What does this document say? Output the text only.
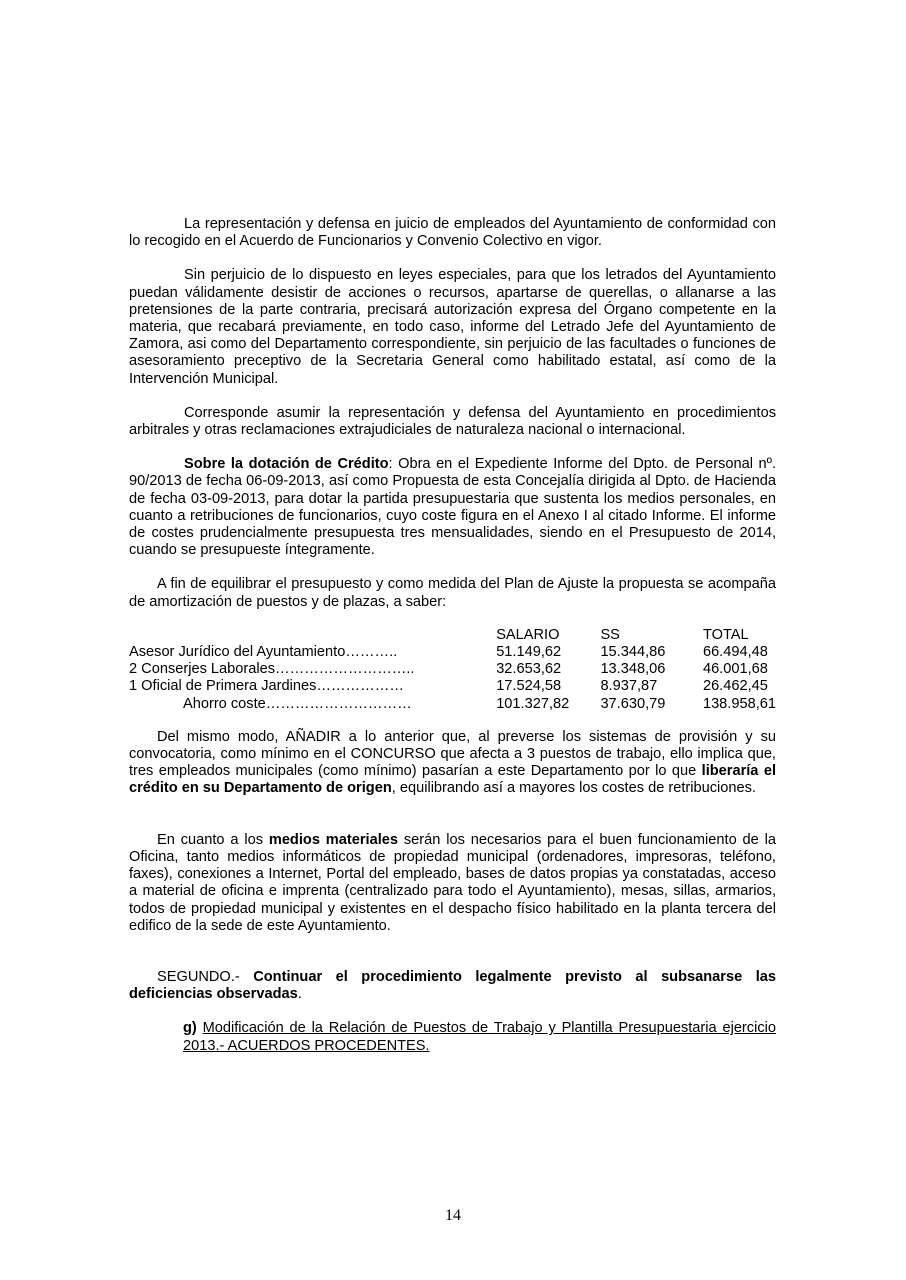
La representación y defensa en juicio de empleados del Ayuntamiento de conformidad con lo recogido en el Acuerdo de Funcionarios y Convenio Colectivo en vigor.

Sin perjuicio de lo dispuesto en leyes especiales, para que los letrados del Ayuntamiento puedan válidamente desistir de acciones o recursos, apartarse de querellas, o allanarse a las pretensiones de la parte contraria, precisará autorización expresa del Órgano competente en la materia, que recabará previamente, en todo caso, informe del Letrado Jefe del Ayuntamiento de Zamora, asi como del Departamento correspondiente, sin perjuicio de las facultades o funciones de asesoramiento preceptivo de la Secretaria General como habilitado estatal, así como de la Intervención Municipal.

Corresponde asumir la representación y defensa del Ayuntamiento en procedimientos arbitrales y otras reclamaciones extrajudiciales de naturaleza nacional o internacional.

Sobre la dotación de Crédito: Obra en el Expediente Informe del Dpto. de Personal nº. 90/2013 de fecha 06-09-2013, así como Propuesta de esta Concejalía dirigida al Dpto. de Hacienda de fecha 03-09-2013, para dotar la partida presupuestaria que sustenta los medios personales, en cuanto a retribuciones de funcionarios, cuyo coste figura en el Anexo I al citado Informe. El informe de costes prudencialmente presupuesta tres mensualidades, siendo en el Presupuesto de 2014, cuando se presupueste íntegramente.

A fin de equilibrar el presupuesto y como medida del Plan de Ajuste la propuesta se acompaña de amortización de puestos y de plazas, a saber:

	SALARIO	SS	TOTAL
Asesor Jurídico del Ayuntamiento………..	51.149,62	15.344,86	66.494,48
2 Conserjes Laborales………………………..	32.653,62	13.348,06	46.001,68
1 Oficial de Primera Jardines………………	17.524,58	8.937,87	26.462,45
Ahorro coste…………………………	101.327,82	37.630,79	138.958,61

Del mismo modo, AÑADIR a lo anterior que, al preverse los sistemas de provisión y su convocatoria, como mínimo en el CONCURSO que afecta a 3 puestos de trabajo, ello implica que, tres empleados municipales (como mínimo) pasarían a este Departamento por lo que liberaría el crédito en su Departamento de origen, equilibrando así a mayores los costes de retribuciones.

En cuanto a los medios materiales serán los necesarios para el buen funcionamiento de la Oficina, tanto medios informáticos de propiedad municipal (ordenadores, impresoras, teléfono, faxes), conexiones a Internet, Portal del empleado, bases de datos propias ya constatadas, acceso a material de oficina e imprenta (centralizado para todo el Ayuntamiento), mesas, sillas, armarios, todos de propiedad municipal y existentes en el despacho físico habilitado en la planta tercera del edifico de la sede de este Ayuntamiento.

SEGUNDO.- Continuar el procedimiento legalmente previsto al subsanarse las deficiencias observadas.

g) Modificación de la Relación de Puestos de Trabajo y Plantilla Presupuestaria ejercicio 2013.- ACUERDOS PROCEDENTES.

14
